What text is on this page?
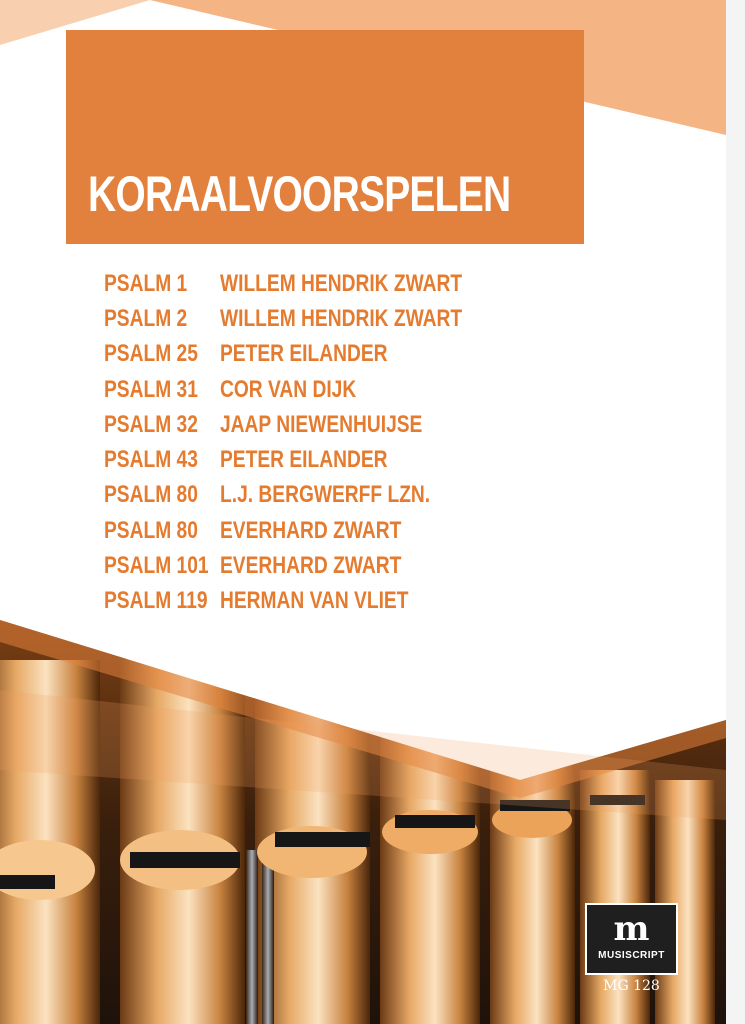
KORAALVOORSPELEN
PSALM 1	WILLEM HENDRIK ZWART
PSALM 2	WILLEM HENDRIK ZWART
PSALM 25 PETER EILANDER
PSALM 31 COR VAN DIJK
PSALM 32 JAAP NIEWENHUIJSE
PSALM 43 PETER EILANDER
PSALM 80 L.J. BERGWERFF LZN.
PSALM 80 EVERHARD ZWART
PSALM 101 EVERHARD ZWART
PSALM 119 HERMAN VAN VLIET
m
MUSISCRIPT
MG 128
